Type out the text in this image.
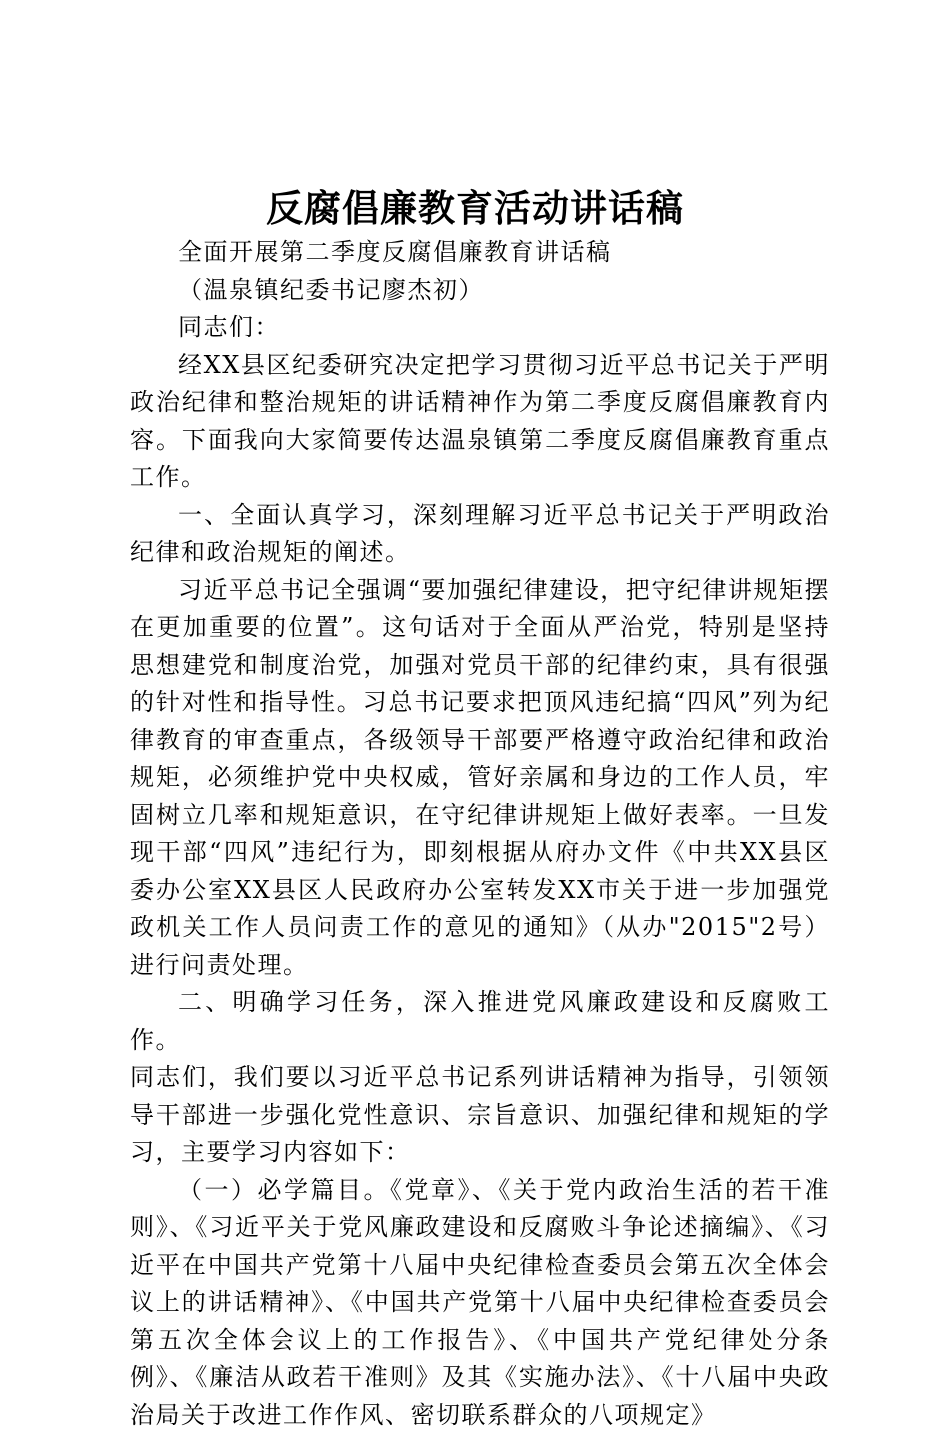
反腐倡廉教育活动讲话稿

全面开展第二季度反腐倡廉教育讲话稿

（温泉镇纪委书记廖杰初）

同志们：

经XX县区纪委研究决定把学习贯彻习近平总书记关于严明政治纪律和整治规矩的讲话精神作为第二季度反腐倡廉教育内容。下面我向大家简要传达温泉镇第二季度反腐倡廉教育重点工作。

一、全面认真学习，深刻理解习近平总书记关于严明政治纪律和政治规矩的阐述。

习近平总书记全强调“要加强纪律建设，把守纪律讲规矩摆在更加重要的位置”。这句话对于全面从严治党，特别是坚持思想建党和制度治党，加强对党员干部的纪律约束，具有很强的针对性和指导性。习总书记要求把顶风违纪搞“四风”列为纪律教育的审查重点，各级领导干部要严格遵守政治纪律和政治规矩，必须维护党中央权威，管好亲属和身边的工作人员，牢固树立几率和规矩意识，在守纪律讲规矩上做好表率。一旦发现干部“四风”违纪行为，即刻根据从府办文件《中共XX县区委办公室XX县区人民政府办公室转发XX市关于进一步加强党政机关工作人员问责工作的意见的通知》（从办"2015"2号）进行问责处理。

二、明确学习任务，深入推进党风廉政建设和反腐败工作。

同志们，我们要以习近平总书记系列讲话精神为指导，引领领导干部进一步强化党性意识、宗旨意识、加强纪律和规矩的学习，主要学习内容如下：

（一）必学篇目。《党章》、《关于党内政治生活的若干准则》、《习近平关于党风廉政建设和反腐败斗争论述摘编》、《习近平在中国共产党第十八届中央纪律检查委员会第五次全体会议上的讲话精神》、《中国共产党第十八届中央纪律检查委员会第五次全体会议上的工作报告》、《中国共产党纪律处分条例》、《廉洁从政若干准则》及其《实施办法》、《十八届中央政治局关于改进工作作风、密切联系群众的八项规定》
